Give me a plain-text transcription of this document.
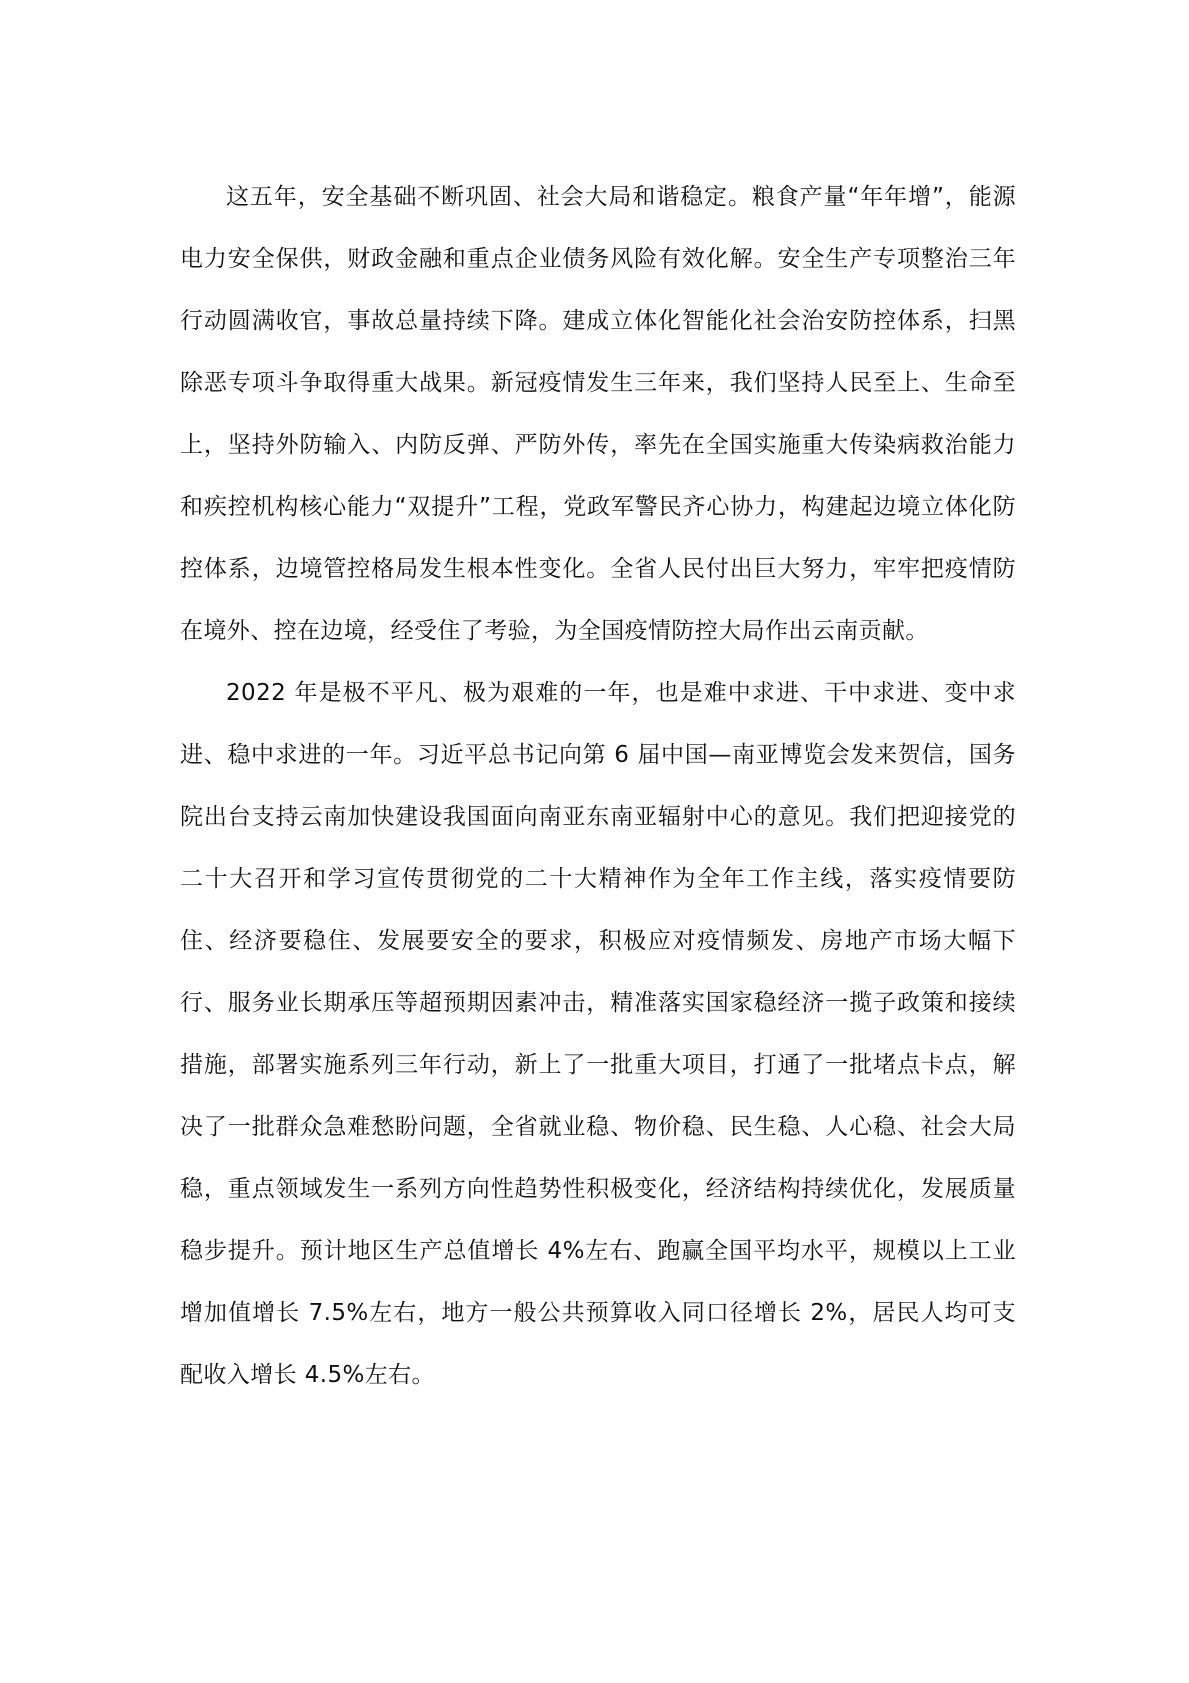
这五年，安全基础不断巩固、社会大局和谐稳定。粮食产量“年年增”，能源电力安全保供，财政金融和重点企业债务风险有效化解。安全生产专项整治三年行动圆满收官，事故总量持续下降。建成立体化智能化社会治安防控体系，扫黑除恶专项斗争取得重大战果。新冠疫情发生三年来，我们坚持人民至上、生命至上，坚持外防输入、内防反弹、严防外传，率先在全国实施重大传染病救治能力和疾控机构核心能力“双提升”工程，党政军警民齐心协力，构建起边境立体化防控体系，边境管控格局发生根本性变化。全省人民付出巨大努力，牢牢把疫情防在境外、控在边境，经受住了考验，为全国疫情防控大局作出云南贡献。

2022 年是极不平凡、极为艰难的一年，也是难中求进、干中求进、变中求进、稳中求进的一年。习近平总书记向第 6 届中国—南亚博览会发来贺信，国务院出台支持云南加快建设我国面向南亚东南亚辐射中心的意见。我们把迎接党的二十大召开和学习宣传贯彻党的二十大精神作为全年工作主线，落实疫情要防住、经济要稳住、发展要安全的要求，积极应对疫情频发、房地产市场大幅下行、服务业长期承压等超预期因素冲击，精准落实国家稳经济一揽子政策和接续措施，部署实施系列三年行动，新上了一批重大项目，打通了一批堵点卡点，解决了一批群众急难愁盼问题，全省就业稳、物价稳、民生稳、人心稳、社会大局稳，重点领域发生一系列方向性趋势性积极变化，经济结构持续优化，发展质量稳步提升。预计地区生产总值增长 4%左右、跑赢全国平均水平，规模以上工业增加值增长 7.5%左右，地方一般公共预算收入同口径增长 2%，居民人均可支配收入增长 4.5%左右。
